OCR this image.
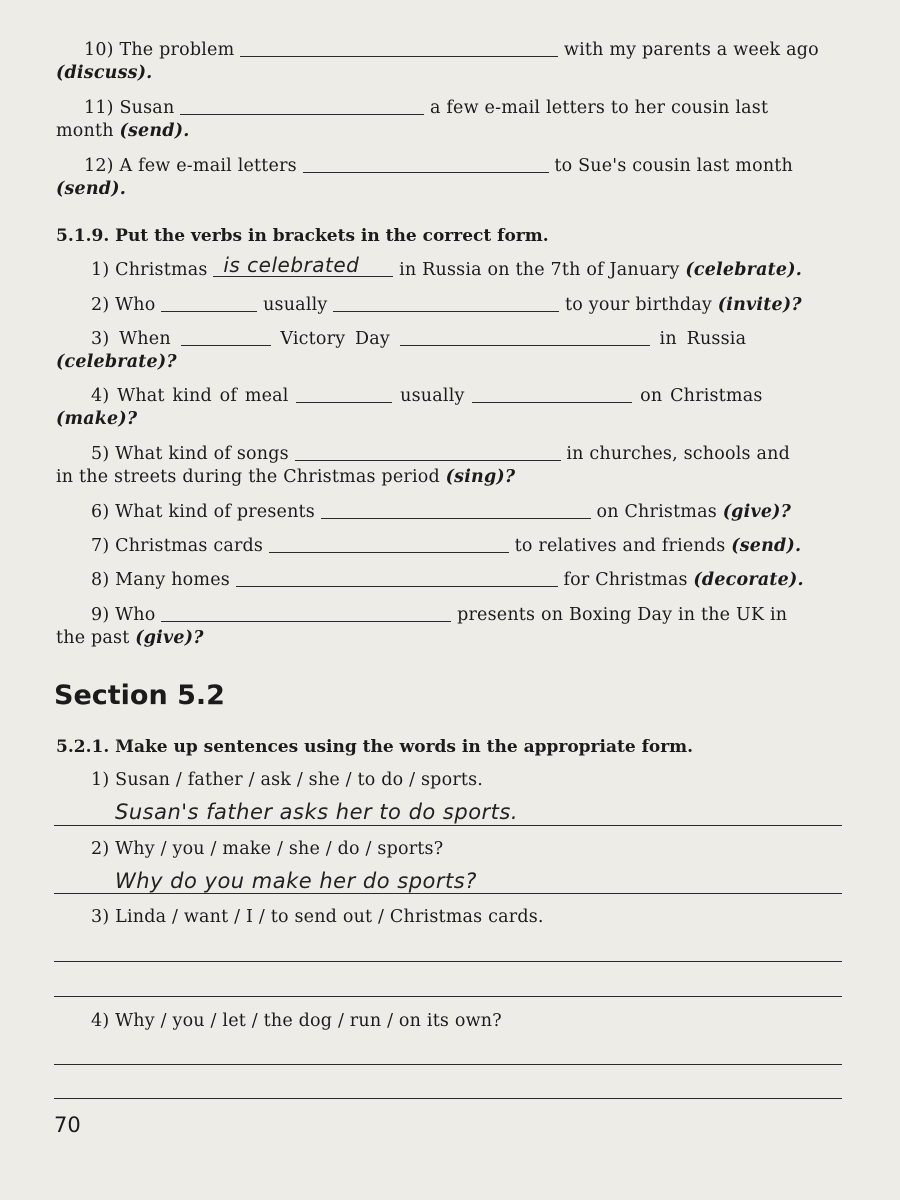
10) The problem	with my parents a week ago
(discuss).
11) Susan	a few e-mail letters to her cousin last
month (send).
12) A few e-mail letters	to Sue's cousin last month
(send).
5.1.9. Put the verbs in brackets in the correct form.
1) Christmas is celebrated in Russia on the 7th of January (celebrate).
2) Who	usually	to your birthday (invite)?
3) When	Victory Day	in Russia
(celebrate)?
4) What kind of meal	usually	on Christmas
(make)?
5) What kind of songs	in churches, schools and
in the streets during the Christmas period (sing)?
6) What kind of presents	on Christmas (give)?
7) Christmas cards	to relatives and friends (send).
8) Many homes	for Christmas (decorate).
9) Who	presents on Boxing Day in the UK in
the past (give)?
Section 5.2
5.2.1. Make up sentences using the words in the appropriate form.
1) Susan / father / ask / she / to do / sports.
Susan's father asks her to do sports.
2) Why / you / make / she / do / sports?
Why do you make her do sports?
3) Linda / want / I / to send out / Christmas cards.
4) Why / you / let / the dog / run / on its own?
70
